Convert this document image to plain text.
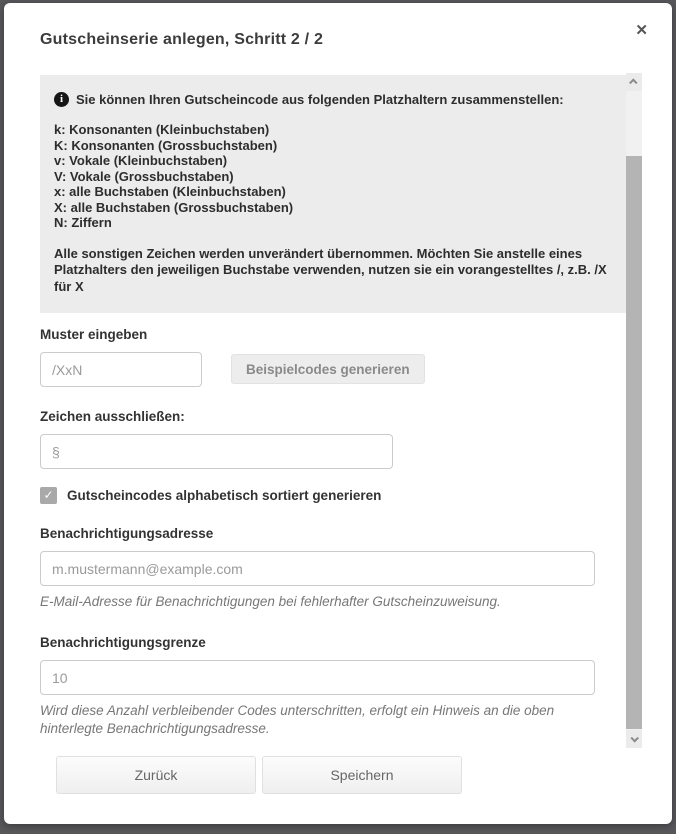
Gutscheinserie anlegen, Schritt 2 / 2
✕
i Sie können Ihren Gutscheincode aus folgenden Platzhaltern zusammenstellen:
k: Konsonanten (Kleinbuchstaben)
K: Konsonanten (Grossbuchstaben)
v: Vokale (Kleinbuchstaben)
V: Vokale (Grossbuchstaben)
x: alle Buchstaben (Kleinbuchstaben)
X: alle Buchstaben (Grossbuchstaben)
N: Ziffern
Alle sonstigen Zeichen werden unverändert übernommen. Möchten Sie anstelle eines Platzhalters den jeweiligen Buchstabe verwenden, nutzen sie ein vorangestelltes /, z.B. /X für X
Muster eingeben
/XxN
Beispielcodes generieren
Zeichen ausschließen:
§
✓ Gutscheincodes alphabetisch sortiert generieren
Benachrichtigungsadresse
m.mustermann@example.com
E-Mail-Adresse für Benachrichtigungen bei fehlerhafter Gutscheinzuweisung.
Benachrichtigungsgrenze
10
Wird diese Anzahl verbleibender Codes unterschritten, erfolgt ein Hinweis an die oben hinterlegte Benachrichtigungsadresse.
Zurück	Speichern
